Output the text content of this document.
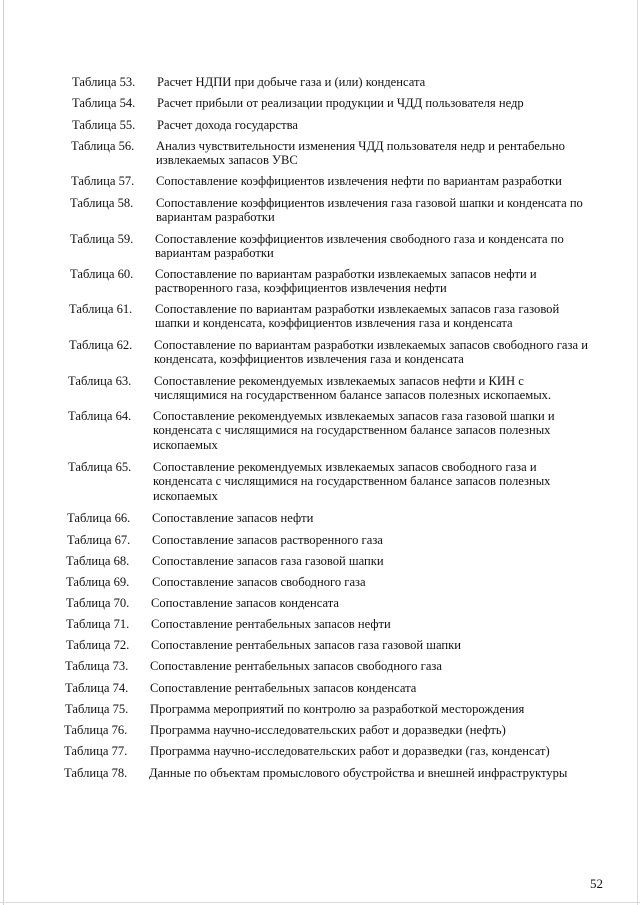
Таблица 53. Расчет НДПИ при добыче газа и (или) конденсата
Таблица 54. Расчет прибыли от реализации продукции и ЧДД пользователя недр
Таблица 55. Расчет дохода государства
Таблица 56. Анализ чувствительности изменения ЧДД пользователя недр и рентабельно извлекаемых запасов УВС
Таблица 57. Сопоставление коэффициентов извлечения нефти по вариантам разработки
Таблица 58. Сопоставление коэффициентов извлечения газа газовой шапки и конденсата по вариантам разработки
Таблица 59. Сопоставление коэффициентов извлечения свободного газа и конденсата по вариантам разработки
Таблица 60. Сопоставление по вариантам разработки извлекаемых запасов нефти и растворенного газа, коэффициентов извлечения нефти
Таблица 61. Сопоставление по вариантам разработки извлекаемых запасов газа газовой шапки и конденсата, коэффициентов извлечения газа и конденсата
Таблица 62. Сопоставление по вариантам разработки извлекаемых запасов свободного газа и конденсата, коэффициентов извлечения газа и конденсата
Таблица 63. Сопоставление рекомендуемых извлекаемых запасов нефти и КИН с числящимися на государственном балансе запасов полезных ископаемых.
Таблица 64. Сопоставление рекомендуемых извлекаемых запасов газа газовой шапки и конденсата с числящимися на государственном балансе запасов полезных ископаемых
Таблица 65. Сопоставление рекомендуемых извлекаемых запасов свободного газа и конденсата с числящимися на государственном балансе запасов полезных ископаемых
Таблица 66. Сопоставление запасов нефти
Таблица 67. Сопоставление запасов растворенного газа
Таблица 68. Сопоставление запасов газа газовой шапки
Таблица 69. Сопоставление запасов свободного газа
Таблица 70. Сопоставление запасов конденсата
Таблица 71. Сопоставление рентабельных запасов нефти
Таблица 72. Сопоставление рентабельных запасов газа газовой шапки
Таблица 73. Сопоставление рентабельных запасов свободного газа
Таблица 74. Сопоставление рентабельных запасов конденсата
Таблица 75. Программа мероприятий по контролю за разработкой месторождения
Таблица 76. Программа научно-исследовательских работ и доразведки (нефть)
Таблица 77. Программа научно-исследовательских работ и доразведки (газ, конденсат)
Таблица 78. Данные по объектам промыслового обустройства и внешней инфраструктуры
52
